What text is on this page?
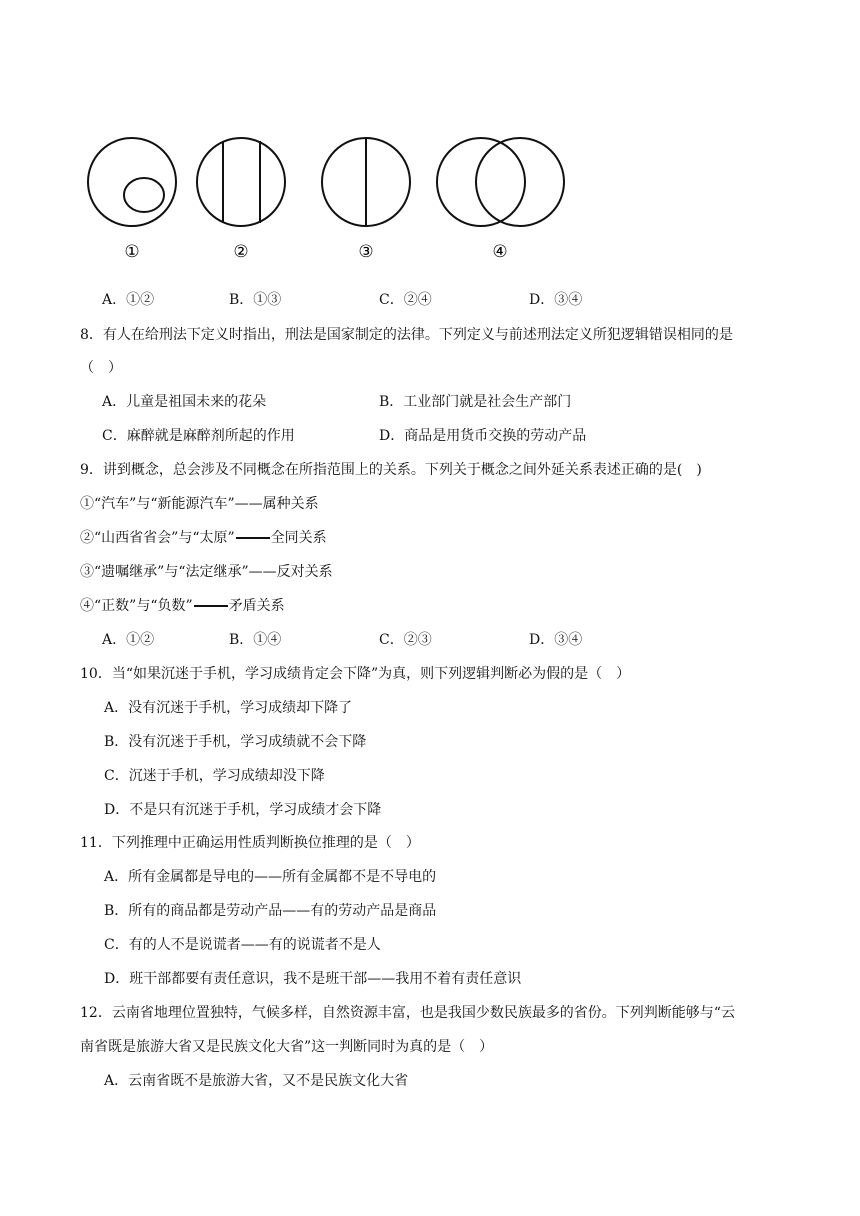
①	②	③	④
A．①②	B．①③	C．②④	D．③④
8．有人在给刑法下定义时指出，刑法是国家制定的法律。下列定义与前述刑法定义所犯逻辑错误相同的是
（　）
A．儿童是祖国未来的花朵	B．工业部门就是社会生产部门
C．麻醉就是麻醉剂所起的作用	D．商品是用货币交换的劳动产品
9．讲到概念，总会涉及不同概念在所指范围上的关系。下列关于概念之间外延关系表述正确的是(　)
①“汽车”与“新能源汽车”——属种关系
②“山西省省会”与“太原”	全同关系
③“遗嘱继承”与“法定继承”——反对关系
④“正数”与“负数”	矛盾关系
A．①②	B．①④	C．②③	D．③④
10．当“如果沉迷于手机，学习成绩肯定会下降”为真，则下列逻辑判断必为假的是（　）
A．没有沉迷于手机，学习成绩却下降了
B．没有沉迷于手机，学习成绩就不会下降
C．沉迷于手机，学习成绩却没下降
D．不是只有沉迷于手机，学习成绩才会下降
11．下列推理中正确运用性质判断换位推理的是（　）
A．所有金属都是导电的——所有金属都不是不导电的
B．所有的商品都是劳动产品——有的劳动产品是商品
C．有的人不是说谎者——有的说谎者不是人
D．班干部都要有责任意识，我不是班干部——我用不着有责任意识
12．云南省地理位置独特，气候多样，自然资源丰富，也是我国少数民族最多的省份。下列判断能够与“云
南省既是旅游大省又是民族文化大省”这一判断同时为真的是（　）
A．云南省既不是旅游大省，又不是民族文化大省
